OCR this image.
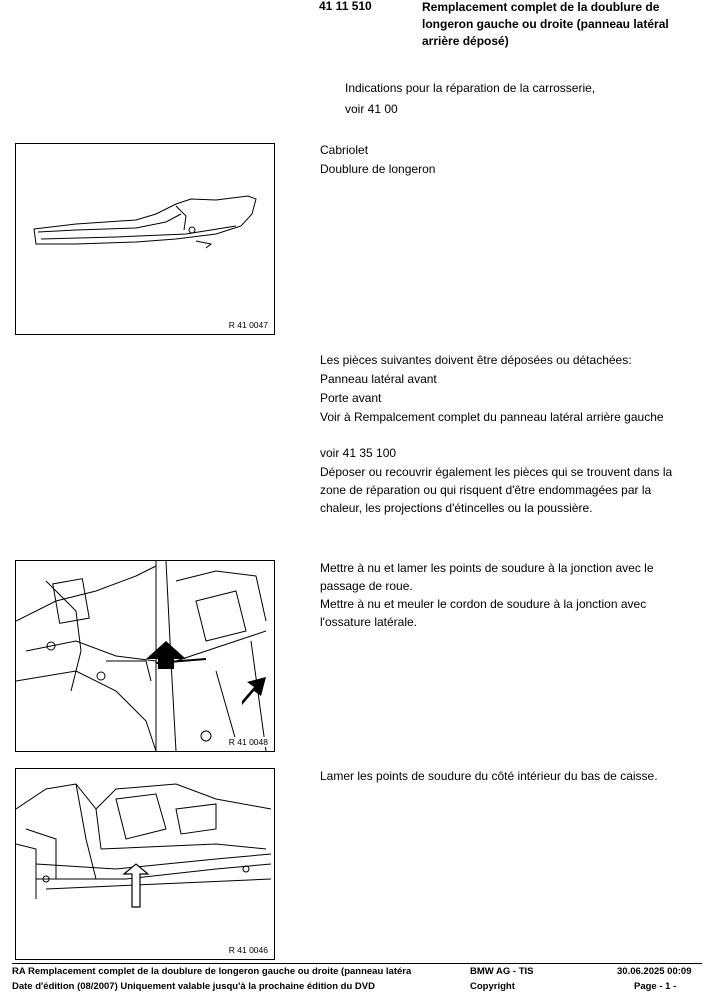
41 11 510	Remplacement complet de la doublure de longeron gauche ou droite (panneau latéral arrière déposé)
Indications pour la réparation de la carrosserie,
voir 41 00
R 41 0047
Cabriolet
Doublure de longeron
Les pièces suivantes doivent être déposées ou détachées:
Panneau latéral avant
Porte avant
Voir à Rempalcement complet du panneau latéral arrière gauche
voir 41 35 100
Déposer ou recouvrir également les pièces qui se trouvent dans la zone de réparation ou qui risquent d'être endommagées par la chaleur, les projections d'étincelles ou la poussière.
R 41 0048
Mettre à nu et lamer les points de soudure à la jonction avec le passage de roue.
Mettre à nu et meuler le cordon de soudure à la jonction avec l'ossature latérale.
R 41 0046
Lamer les points de soudure du côté intérieur du bas de caisse.
RA Remplacement complet de la doublure de longeron gauche ou droite (panneau latéra	BMW AG - TIS	30.06.2025 00:09
Date d'édition (08/2007) Uniquement valable jusqu'à la prochaine édition du DVD	Copyright	Page - 1 -
